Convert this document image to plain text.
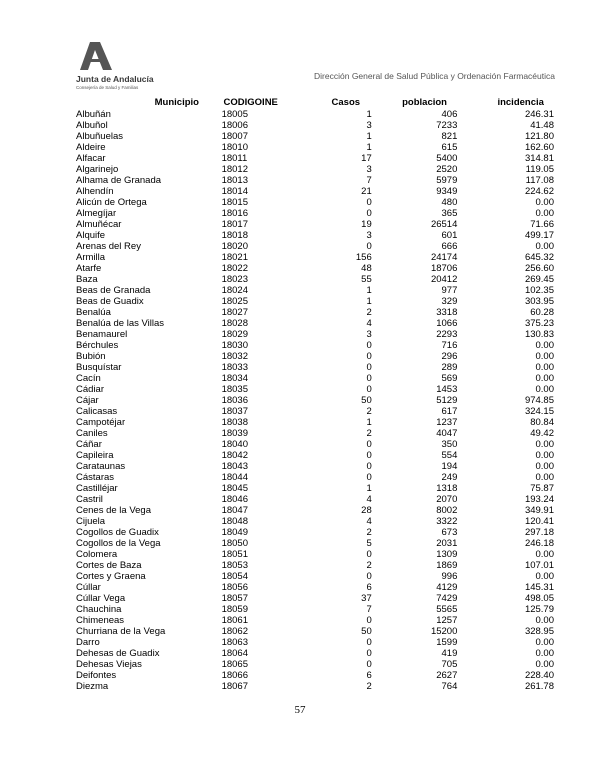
Junta de Andalucía
Consejería de Salud y Familias
Dirección General de Salud Pública y Ordenación Farmacéutica
Municipio	CODIGOINE	Casos	poblacion	incidencia
Albuñán	18005	1	406	246.31
Albuñol	18006	3	7233	41.48
Albuñuelas	18007	1	821	121.80
Aldeire	18010	1	615	162.60
Alfacar	18011	17	5400	314.81
Algarinejo	18012	3	2520	119.05
Alhama de Granada	18013	7	5979	117.08
Alhendín	18014	21	9349	224.62
Alicún de Ortega	18015	0	480	0.00
Almegíjar	18016	0	365	0.00
Almuñécar	18017	19	26514	71.66
Alquife	18018	3	601	499.17
Arenas del Rey	18020	0	666	0.00
Armilla	18021	156	24174	645.32
Atarfe	18022	48	18706	256.60
Baza	18023	55	20412	269.45
Beas de Granada	18024	1	977	102.35
Beas de Guadix	18025	1	329	303.95
Benalúa	18027	2	3318	60.28
Benalúa de las Villas	18028	4	1066	375.23
Benamaurel	18029	3	2293	130.83
Bérchules	18030	0	716	0.00
Bubión	18032	0	296	0.00
Busquístar	18033	0	289	0.00
Cacín	18034	0	569	0.00
Cádiar	18035	0	1453	0.00
Cájar	18036	50	5129	974.85
Calicasas	18037	2	617	324.15
Campotéjar	18038	1	1237	80.84
Caniles	18039	2	4047	49.42
Cáñar	18040	0	350	0.00
Capileira	18042	0	554	0.00
Carataunas	18043	0	194	0.00
Cástaras	18044	0	249	0.00
Castilléjar	18045	1	1318	75.87
Castril	18046	4	2070	193.24
Cenes de la Vega	18047	28	8002	349.91
Cijuela	18048	4	3322	120.41
Cogollos de Guadix	18049	2	673	297.18
Cogollos de la Vega	18050	5	2031	246.18
Colomera	18051	0	1309	0.00
Cortes de Baza	18053	2	1869	107.01
Cortes y Graena	18054	0	996	0.00
Cúllar	18056	6	4129	145.31
Cúllar Vega	18057	37	7429	498.05
Chauchina	18059	7	5565	125.79
Chimeneas	18061	0	1257	0.00
Churriana de la Vega	18062	50	15200	328.95
Darro	18063	0	1599	0.00
Dehesas de Guadix	18064	0	419	0.00
Dehesas Viejas	18065	0	705	0.00
Deifontes	18066	6	2627	228.40
Diezma	18067	2	764	261.78
57
